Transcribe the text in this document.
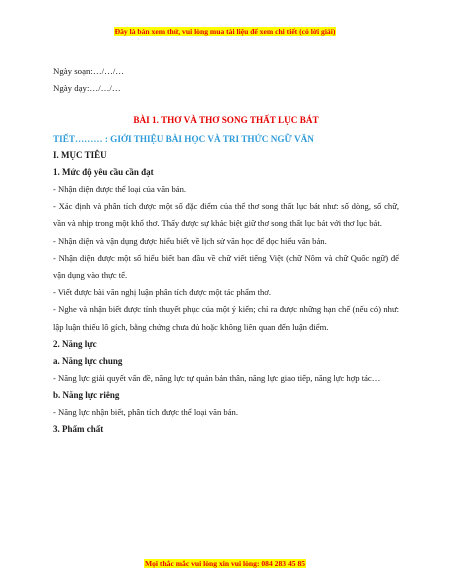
Đây là bản xem thử, vui lòng mua tài liệu để xem chi tiết (có lời giải)

Ngày soạn:…/…/…

Ngày dạy:…/…/…

BÀI 1. THƠ VÀ THƠ SONG THẤT LỤC BÁT
TIẾT……… : GIỚI THIỆU BÀI HỌC VÀ TRI THỨC NGỮ VĂN

I. MỤC TIÊU

1. Mức độ yêu cầu cần đạt

- Nhận diện được thể loại của văn bản.

- Xác định và phân tích được một số đặc điểm của thể thơ song thất lục bát như: số dòng, số chữ, vần và nhịp trong một khổ thơ. Thấy được sự khác biệt giữ thơ song thất lục bát với thơ lục bát.

- Nhận diện và vận dụng được hiểu biết về lịch sử văn học để đọc hiểu văn bản.

- Nhận diện được một số hiểu biết ban đầu về chữ viết tiếng Việt (chữ Nôm và chữ Quốc ngữ) để vận dụng vào thực tế.

- Viết được bài văn nghị luận phân tích được một tác phẩm thơ.

- Nghe và nhận biết được tính thuyết phục của một ý kiến; chỉ ra được những hạn chế (nếu có) như: lập luận thiếu lô gích, bằng chứng chưa đủ hoặc không liên quan đến luận điểm.

2. Năng lực

a. Năng lực chung

- Năng lực giải quyết vấn đề, năng lực tự quản bản thân, năng lực giao tiếp, năng lực hợp tác…

b. Năng lực riêng

- Năng lực nhận biết, phân tích được thể loại văn bản.

3. Phẩm chất

Mọi thắc mắc vui lòng xin vui lòng: 084 283 45 85
